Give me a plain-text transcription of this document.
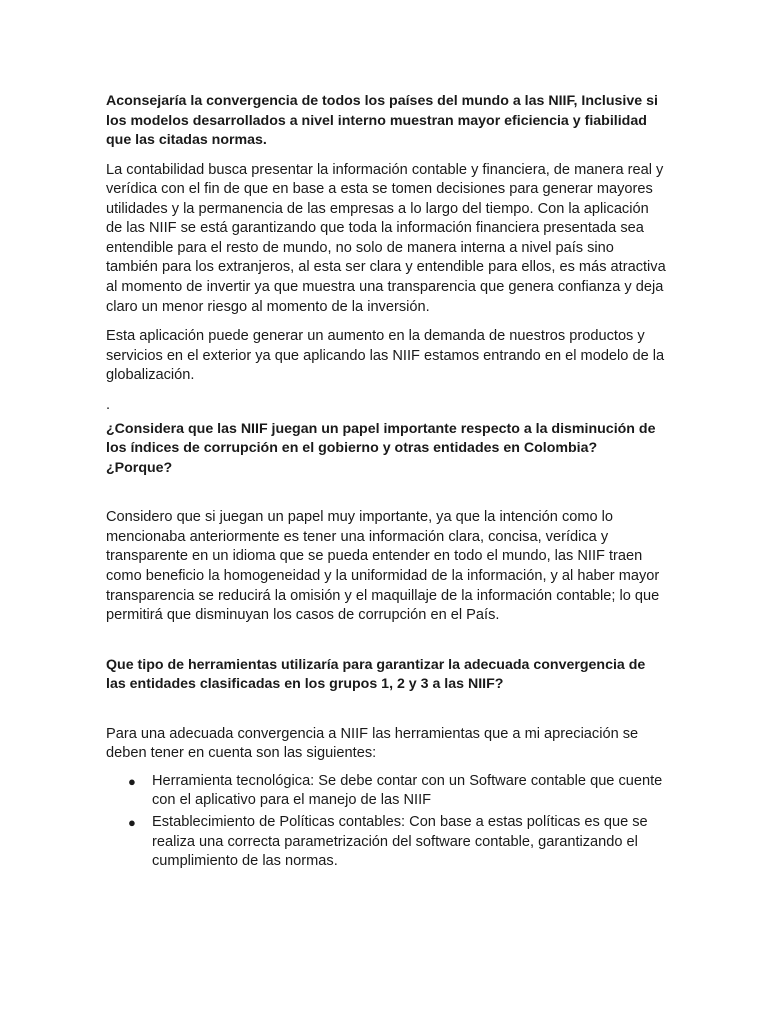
Aconsejaría la convergencia de todos los países del mundo a las NIIF, Inclusive si los modelos desarrollados a nivel interno muestran mayor eficiencia y fiabilidad que las citadas normas.

La contabilidad busca presentar la información contable y financiera, de manera real y verídica con el fin de que en base a esta se tomen decisiones para generar mayores utilidades y la permanencia de las empresas a lo largo del tiempo. Con la aplicación de las NIIF se está garantizando que toda la información financiera presentada sea entendible para el resto de mundo, no solo de manera interna a nivel país sino también para los extranjeros, al esta ser clara y entendible para ellos, es más atractiva al momento de invertir ya que muestra una transparencia que genera confianza y deja claro un menor riesgo al momento de la inversión.

Esta aplicación puede generar un aumento en la demanda de nuestros productos y servicios en el exterior ya que aplicando las NIIF estamos entrando en el modelo de la globalización.

.

¿Considera que las NIIF juegan un papel importante respecto a la disminución de los índices de corrupción en el gobierno y otras entidades en Colombia? ¿Porque?

Considero que si juegan un papel muy importante, ya que la intención como lo mencionaba anteriormente es tener una información clara, concisa, verídica y transparente en un idioma que se pueda entender en todo el mundo, las NIIF traen como beneficio la homogeneidad y la uniformidad de la información, y al haber mayor transparencia se reducirá la omisión y el maquillaje de la información contable; lo que permitirá que disminuyan los casos de corrupción en el País.

Que tipo de herramientas utilizaría para garantizar la adecuada convergencia de las entidades clasificadas en los grupos 1, 2 y 3 a las NIIF?

Para una adecuada convergencia a NIIF las herramientas que a mi apreciación se deben tener en cuenta son las siguientes:

● Herramienta tecnológica: Se debe contar con un Software contable que cuente con el aplicativo para el manejo de las NIIF
● Establecimiento de Políticas contables: Con base a estas políticas es que se realiza una correcta parametrización del software contable, garantizando el cumplimiento de las normas.
